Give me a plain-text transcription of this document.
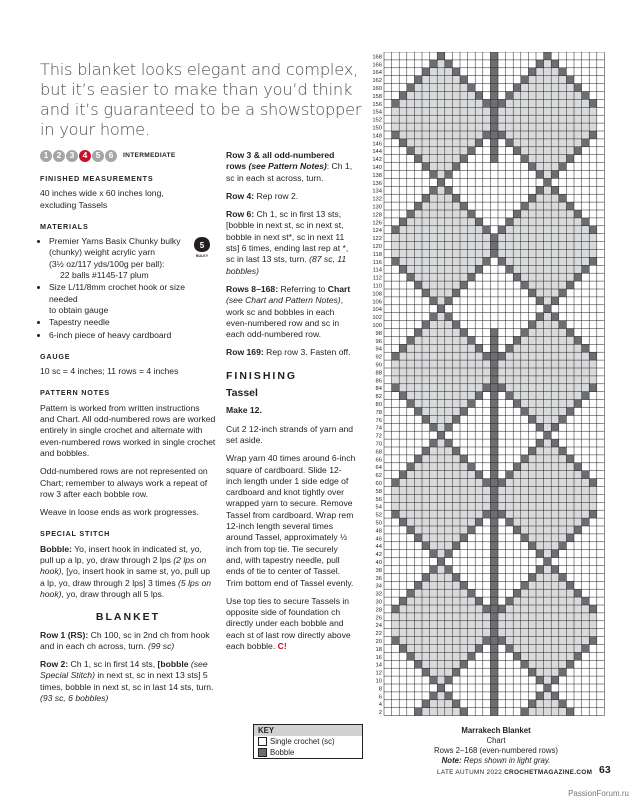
This blanket looks elegant and complex, but it’s easier to make than you’d think and it’s guaranteed to be a showstopper in your home.

1 2 3 4 5 6	INTERMEDIATE
FINISHED MEASUREMENTS

40 inches wide x 60 inches long,
excluding Tassels

MATERIALS
• Premier Yarns Basix Chunky bulky
(chunky) weight acrylic yarn
(3½ oz/117 yds/100g per ball):
22 balls #1145-17 plum
• Size L/11/8mm crochet hook or size needed
to obtain gauge
• Tapestry needle
• 6-inch piece of heavy cardboard
GAUGE

10 sc = 4 inches; 11 rows = 4 inches

PATTERN NOTES

Pattern is worked from written instructions and Chart. All odd-numbered rows are worked entirely in single crochet and alternate with even-numbered rows worked in single crochet and bobbles.

Odd-numbered rows are not represented on Chart; remember to always work a repeat of row 3 after each bobble row.

Weave in loose ends as work progresses.

SPECIAL STITCH

Bobble: Yo, insert hook in indicated st, yo, pull up a lp, yo, draw through 2 lps (2 lps on hook), [yo, insert hook in same st, yo, pull up a lp, yo, draw through 2 lps] 3 times (5 lps on hook), yo, draw through all 5 lps.

BLANKET

Row 1 (RS): Ch 100, sc in 2nd ch from hook and in each ch across, turn. (99 sc)

Row 2: Ch 1, sc in first 14 sts, [bobble (see Special Stitch) in next st, sc in next 13 sts] 5 times, bobble in next st, sc in last 14 sts, turn. (93 sc, 6 bobbles)

5
BULKY

Row 3 & all odd-numbered rows (see Pattern Notes): Ch 1, sc in each st across, turn.

Row 4: Rep row 2.

Row 6: Ch 1, sc in first 13 sts, [bobble in next st, sc in next st, bobble in next st*, sc in next 11 sts] 6 times, ending last rep at *, sc in last 13 sts, turn. (87 sc, 11 bobbles)

Rows 8–168: Referring to Chart (see Chart and Pattern Notes), work sc and bobbles in each even-numbered row and sc in each odd-numbered row.

Row 169: Rep row 3. Fasten off.

FINISHING
Tassel
Make 12.

Cut 2 12-inch strands of yarn and set aside.

Wrap yarn 40 times around 6-inch square of cardboard. Slide 12-inch length under 1 side edge of cardboard and knot tightly over wrapped yarn to secure. Remove Tassel from cardboard. Wrap rem 12-inch length several times around Tassel, approximately ½ inch from top tie. Tie securely and, with tapestry needle, pull ends of tie to center of Tassel. Trim bottom end of Tassel evenly.

Use top ties to secure Tassels in opposite side of foundation ch directly under each bobble and each st of last row directly above each bobble. C!

KEY
Single crochet (sc)
Bobble
168
166
164
162
160
158
156
154
152
150
148
146
144
142
140
138
136
134
132
130
128
126
124
122
120
118
116
114
112
110
108
106
104
102
100
98
96
94
92
90
88
86
84
82
80
78
76
74
72
70
68
66
64
62
60
58
56
54
52
50
48
46
44
42
40
38
36
34
32
30
28
26
24
22
20
18
16
14
12
10
8
6
4
2
Marrakech Blanket
Chart
Rows 2–168 (even-numbered rows)
Note: Reps shown in light gray.
LATE AUTUMN 2022 CROCHETMAGAZINE.COM 63
PassionForum.ru
